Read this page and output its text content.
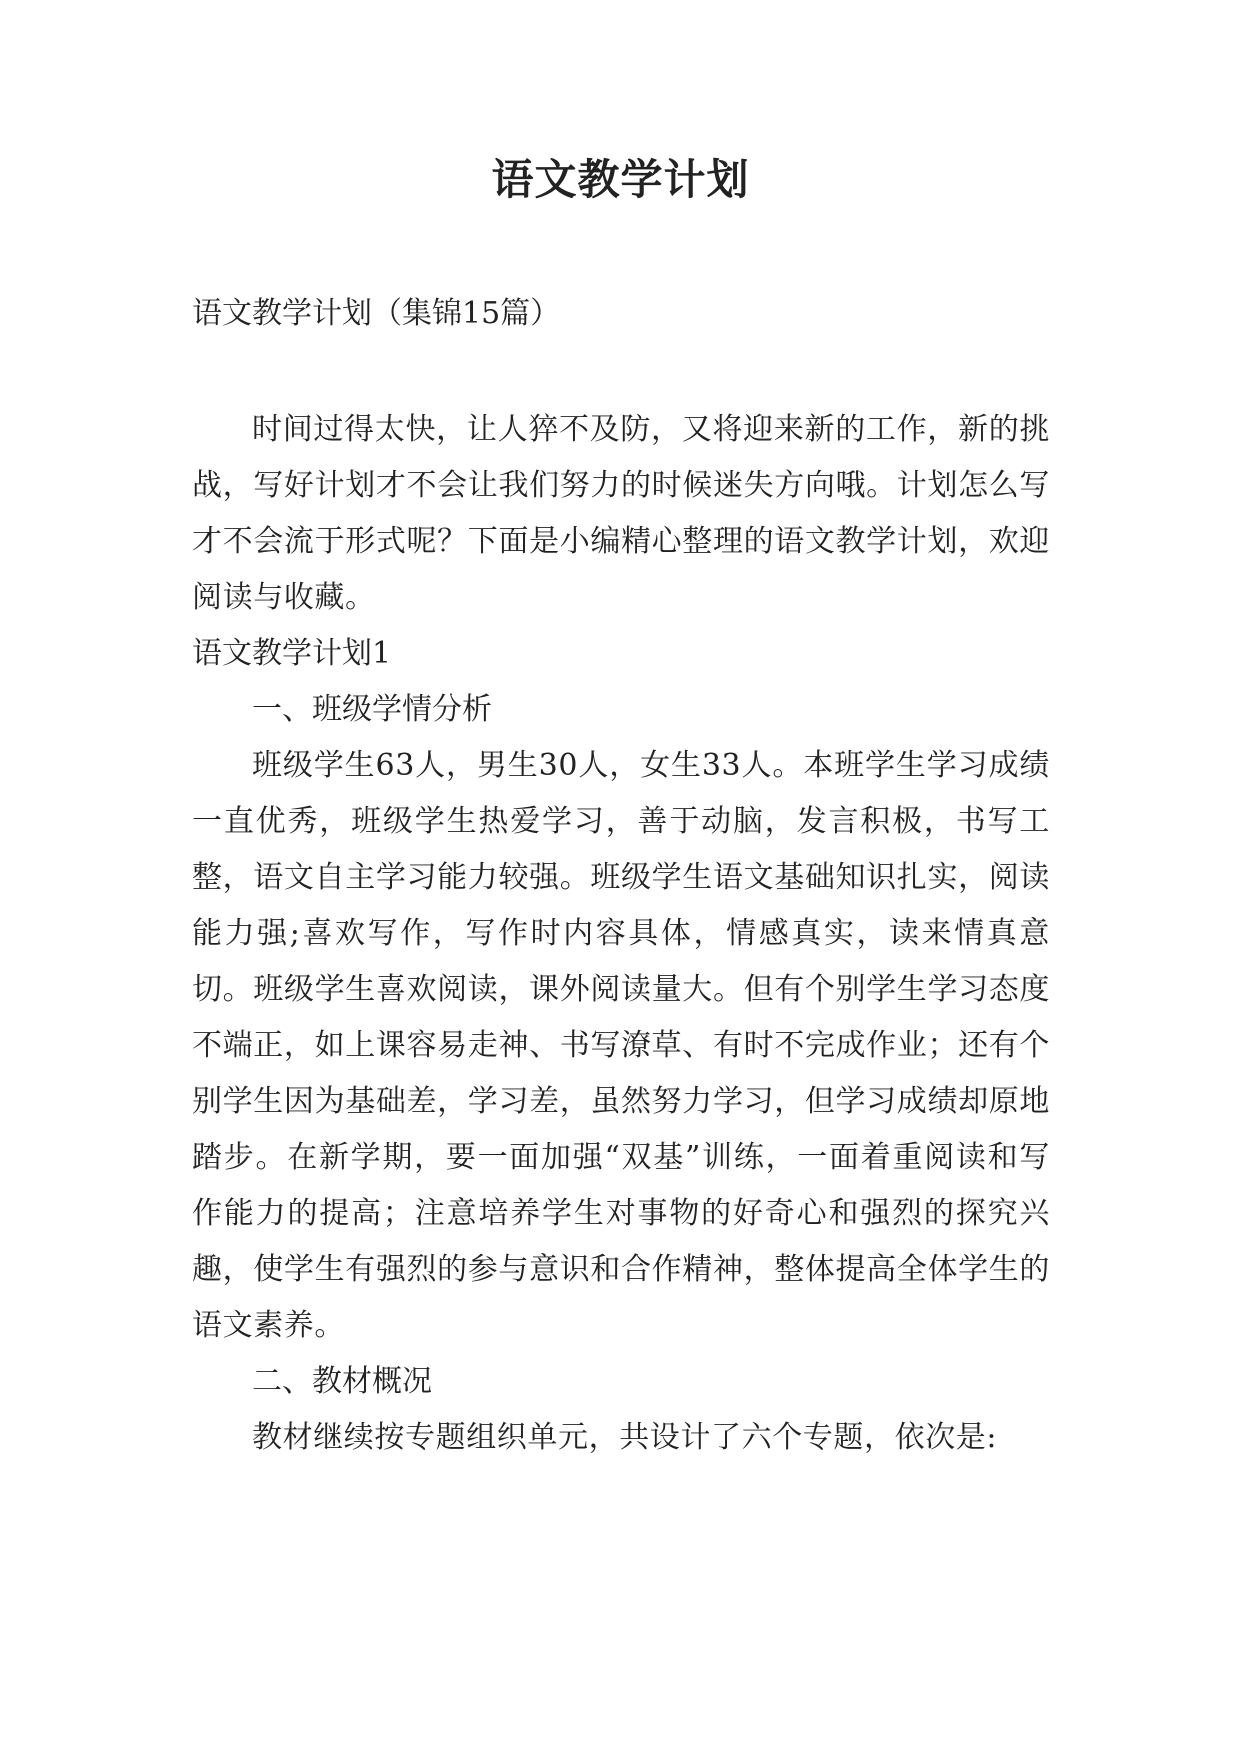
语文教学计划

语文教学计划（集锦15篇）

时间过得太快，让人猝不及防，又将迎来新的工作，新的挑战，写好计划才不会让我们努力的时候迷失方向哦。计划怎么写才不会流于形式呢？下面是小编精心整理的语文教学计划，欢迎阅读与收藏。

语文教学计划1

一、班级学情分析

班级学生63人，男生30人，女生33人。本班学生学习成绩一直优秀，班级学生热爱学习，善于动脑，发言积极，书写工整，语文自主学习能力较强。班级学生语文基础知识扎实，阅读能力强;喜欢写作，写作时内容具体，情感真实，读来情真意切。班级学生喜欢阅读，课外阅读量大。但有个别学生学习态度不端正，如上课容易走神、书写潦草、有时不完成作业；还有个别学生因为基础差，学习差，虽然努力学习，但学习成绩却原地踏步。在新学期，要一面加强“双基”训练，一面着重阅读和写作能力的提高；注意培养学生对事物的好奇心和强烈的探究兴趣，使学生有强烈的参与意识和合作精神，整体提高全体学生的语文素养。

二、教材概况

教材继续按专题组织单元，共设计了六个专题，依次是:
